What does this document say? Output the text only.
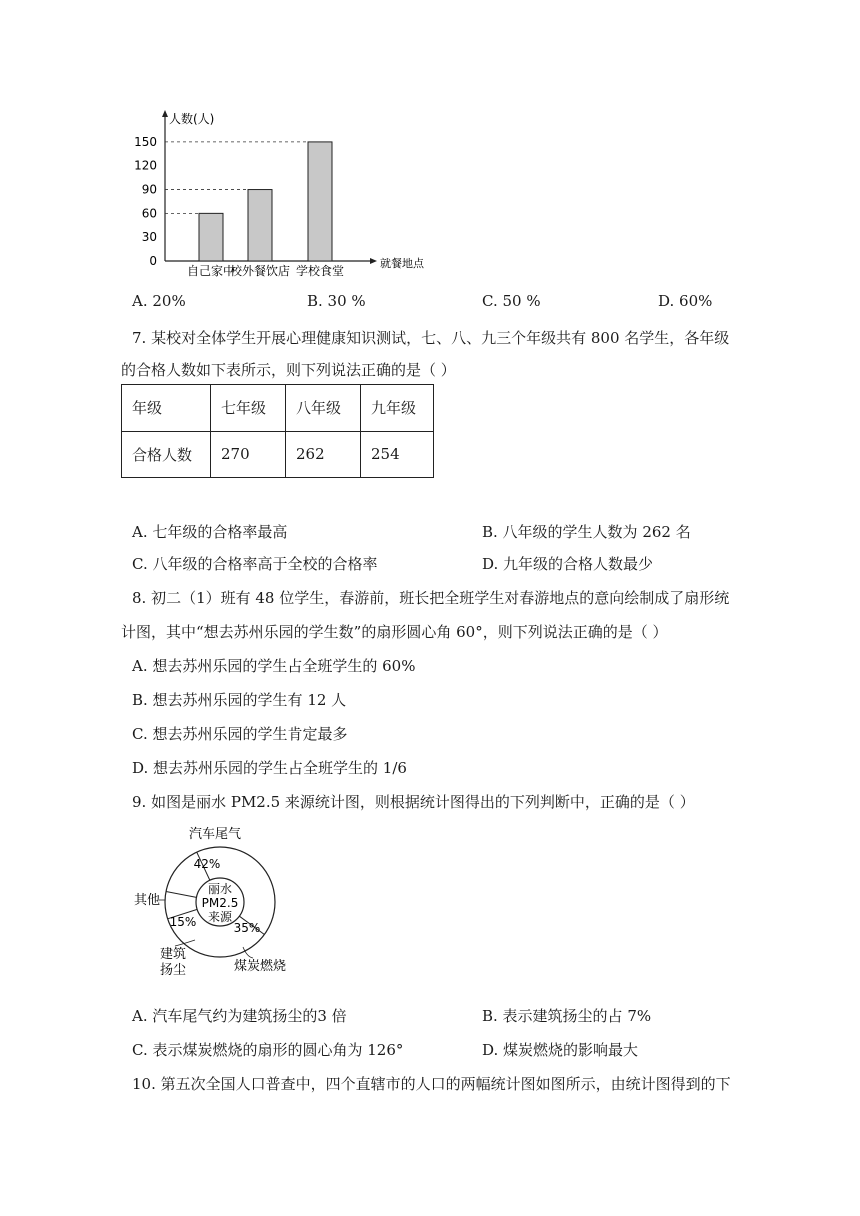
人数(人)
就餐地点
0
30
60
90
120
150
自己家中
校外餐饮店 学校食堂
A. 20%	B. 30 %	C. 50 %	D. 60%
7. 某校对全体学生开展心理健康知识测试，七、八、九三个年级共有 800 名学生，各年级
的合格人数如下表所示，则下列说法正确的是（ ）
年级	七年级	八年级	九年级
合格人数	270	262	254
A. 七年级的合格率最高	B. 八年级的学生人数为 262 名
C. 八年级的合格率高于全校的合格率	D. 九年级的合格人数最少
8. 初二（1）班有 48 位学生，春游前，班长把全班学生对春游地点的意向绘制成了扇形统
计图，其中“想去苏州乐园的学生数”的扇形圆心角 60°，则下列说法正确的是（ ）
A. 想去苏州乐园的学生占全班学生的 60%
B. 想去苏州乐园的学生有 12 人
C. 想去苏州乐园的学生肯定最多
D. 想去苏州乐园的学生占全班学生的 1/6
9. 如图是丽水 PM2.5 来源统计图，则根据统计图得出的下列判断中，正确的是（ ）
丽水
PM2.5
来源
汽车尾气
煤炭燃烧
建筑
扬尘
其他
42%
35%
15%
A. 汽车尾气约为建筑扬尘的3 倍	B. 表示建筑扬尘的占 7%
C. 表示煤炭燃烧的扇形的圆心角为 126°	D. 煤炭燃烧的影响最大
10. 第五次全国人口普查中，四个直辖市的人口的两幅统计图如图所示，由统计图得到的下
